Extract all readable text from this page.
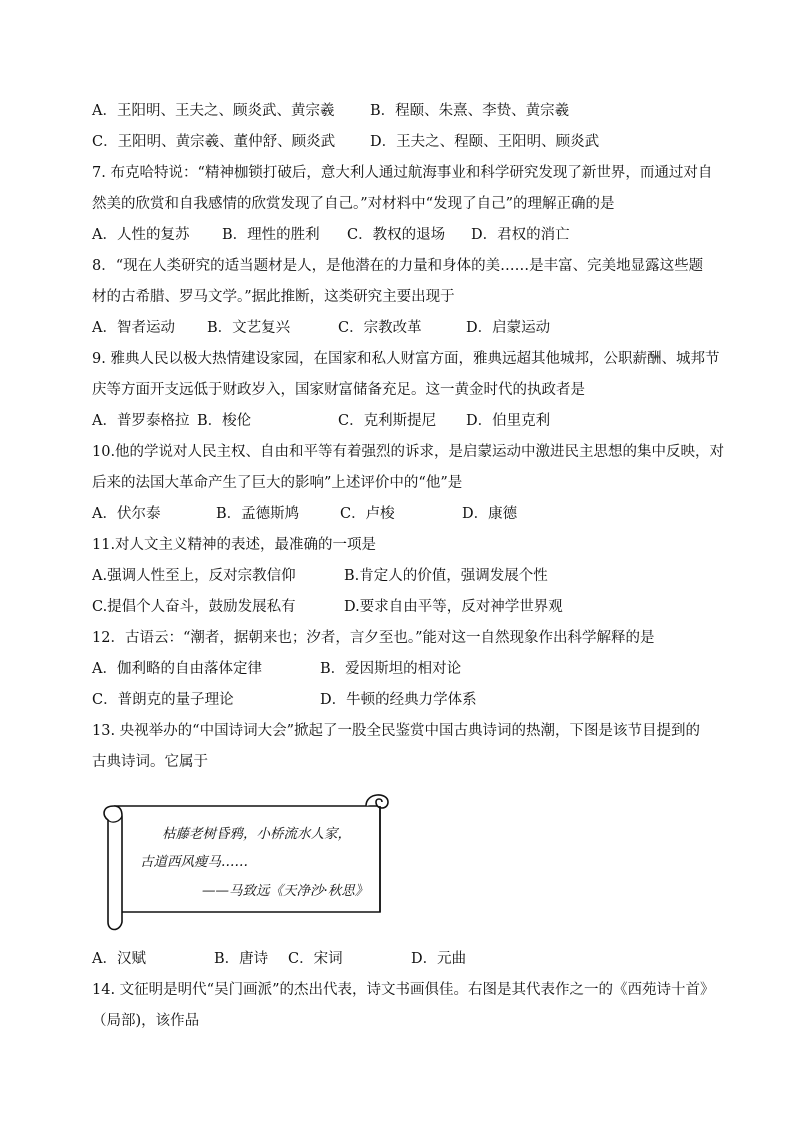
A．王阳明、王夫之、顾炎武、黄宗羲	B．程颐、朱熹、李贽、黄宗羲
C．王阳明、黄宗羲、董仲舒、顾炎武	D．王夫之、程颐、王阳明、顾炎武
7. 布克哈特说：“精神枷锁打破后，意大利人通过航海事业和科学研究发现了新世界，而通过对自
然美的欣赏和自我感情的欣赏发现了自己。”对材料中“发现了自己”的理解正确的是
A．人性的复苏	B．理性的胜利	C．教权的退场	D．君权的消亡
8．“现在人类研究的适当题材是人，是他潜在的力量和身体的美……是丰富、完美地显露这些题
材的古希腊、罗马文学。”据此推断，这类研究主要出现于
A．智者运动	B．文艺复兴	C．宗教改革	D．启蒙运动
9. 雅典人民以极大热情建设家园，在国家和私人财富方面，雅典远超其他城邦，公职薪酬、城邦节
庆等方面开支远低于财政岁入，国家财富储备充足。这一黄金时代的执政者是
A．普罗泰格拉 B．梭伦	C．克利斯提尼	D．伯里克利
10.他的学说对人民主权、自由和平等有着强烈的诉求，是启蒙运动中激进民主思想的集中反映，对
后来的法国大革命产生了巨大的影响”上述评价中的“他”是
A．伏尔泰	B．孟德斯鸠	C．卢梭	D．康德
11.对人文主义精神的表述，最准确的一项是
A.强调人性至上，反对宗教信仰	B.肯定人的价值，强调发展个性
C.提倡个人奋斗，鼓励发展私有	D.要求自由平等，反对神学世界观
12．古语云：“潮者，据朝来也；汐者，言夕至也。”能对这一自然现象作出科学解释的是
A．伽利略的自由落体定律	B．爱因斯坦的相对论
C．普朗克的量子理论	D．牛顿的经典力学体系
13. 央视举办的“中国诗词大会”掀起了一股全民鉴赏中国古典诗词的热潮，下图是该节目提到的
古典诗词。它属于
枯藤老树昏鸦，小桥流水人家，
古道西风瘦马……
——马致远《天净沙·秋思》
A．汉赋	B．唐诗	C．宋词	D．元曲
14. 文征明是明代“吴门画派”的杰出代表，诗文书画俱佳。右图是其代表作之一的《西苑诗十首》
（局部)，该作品
